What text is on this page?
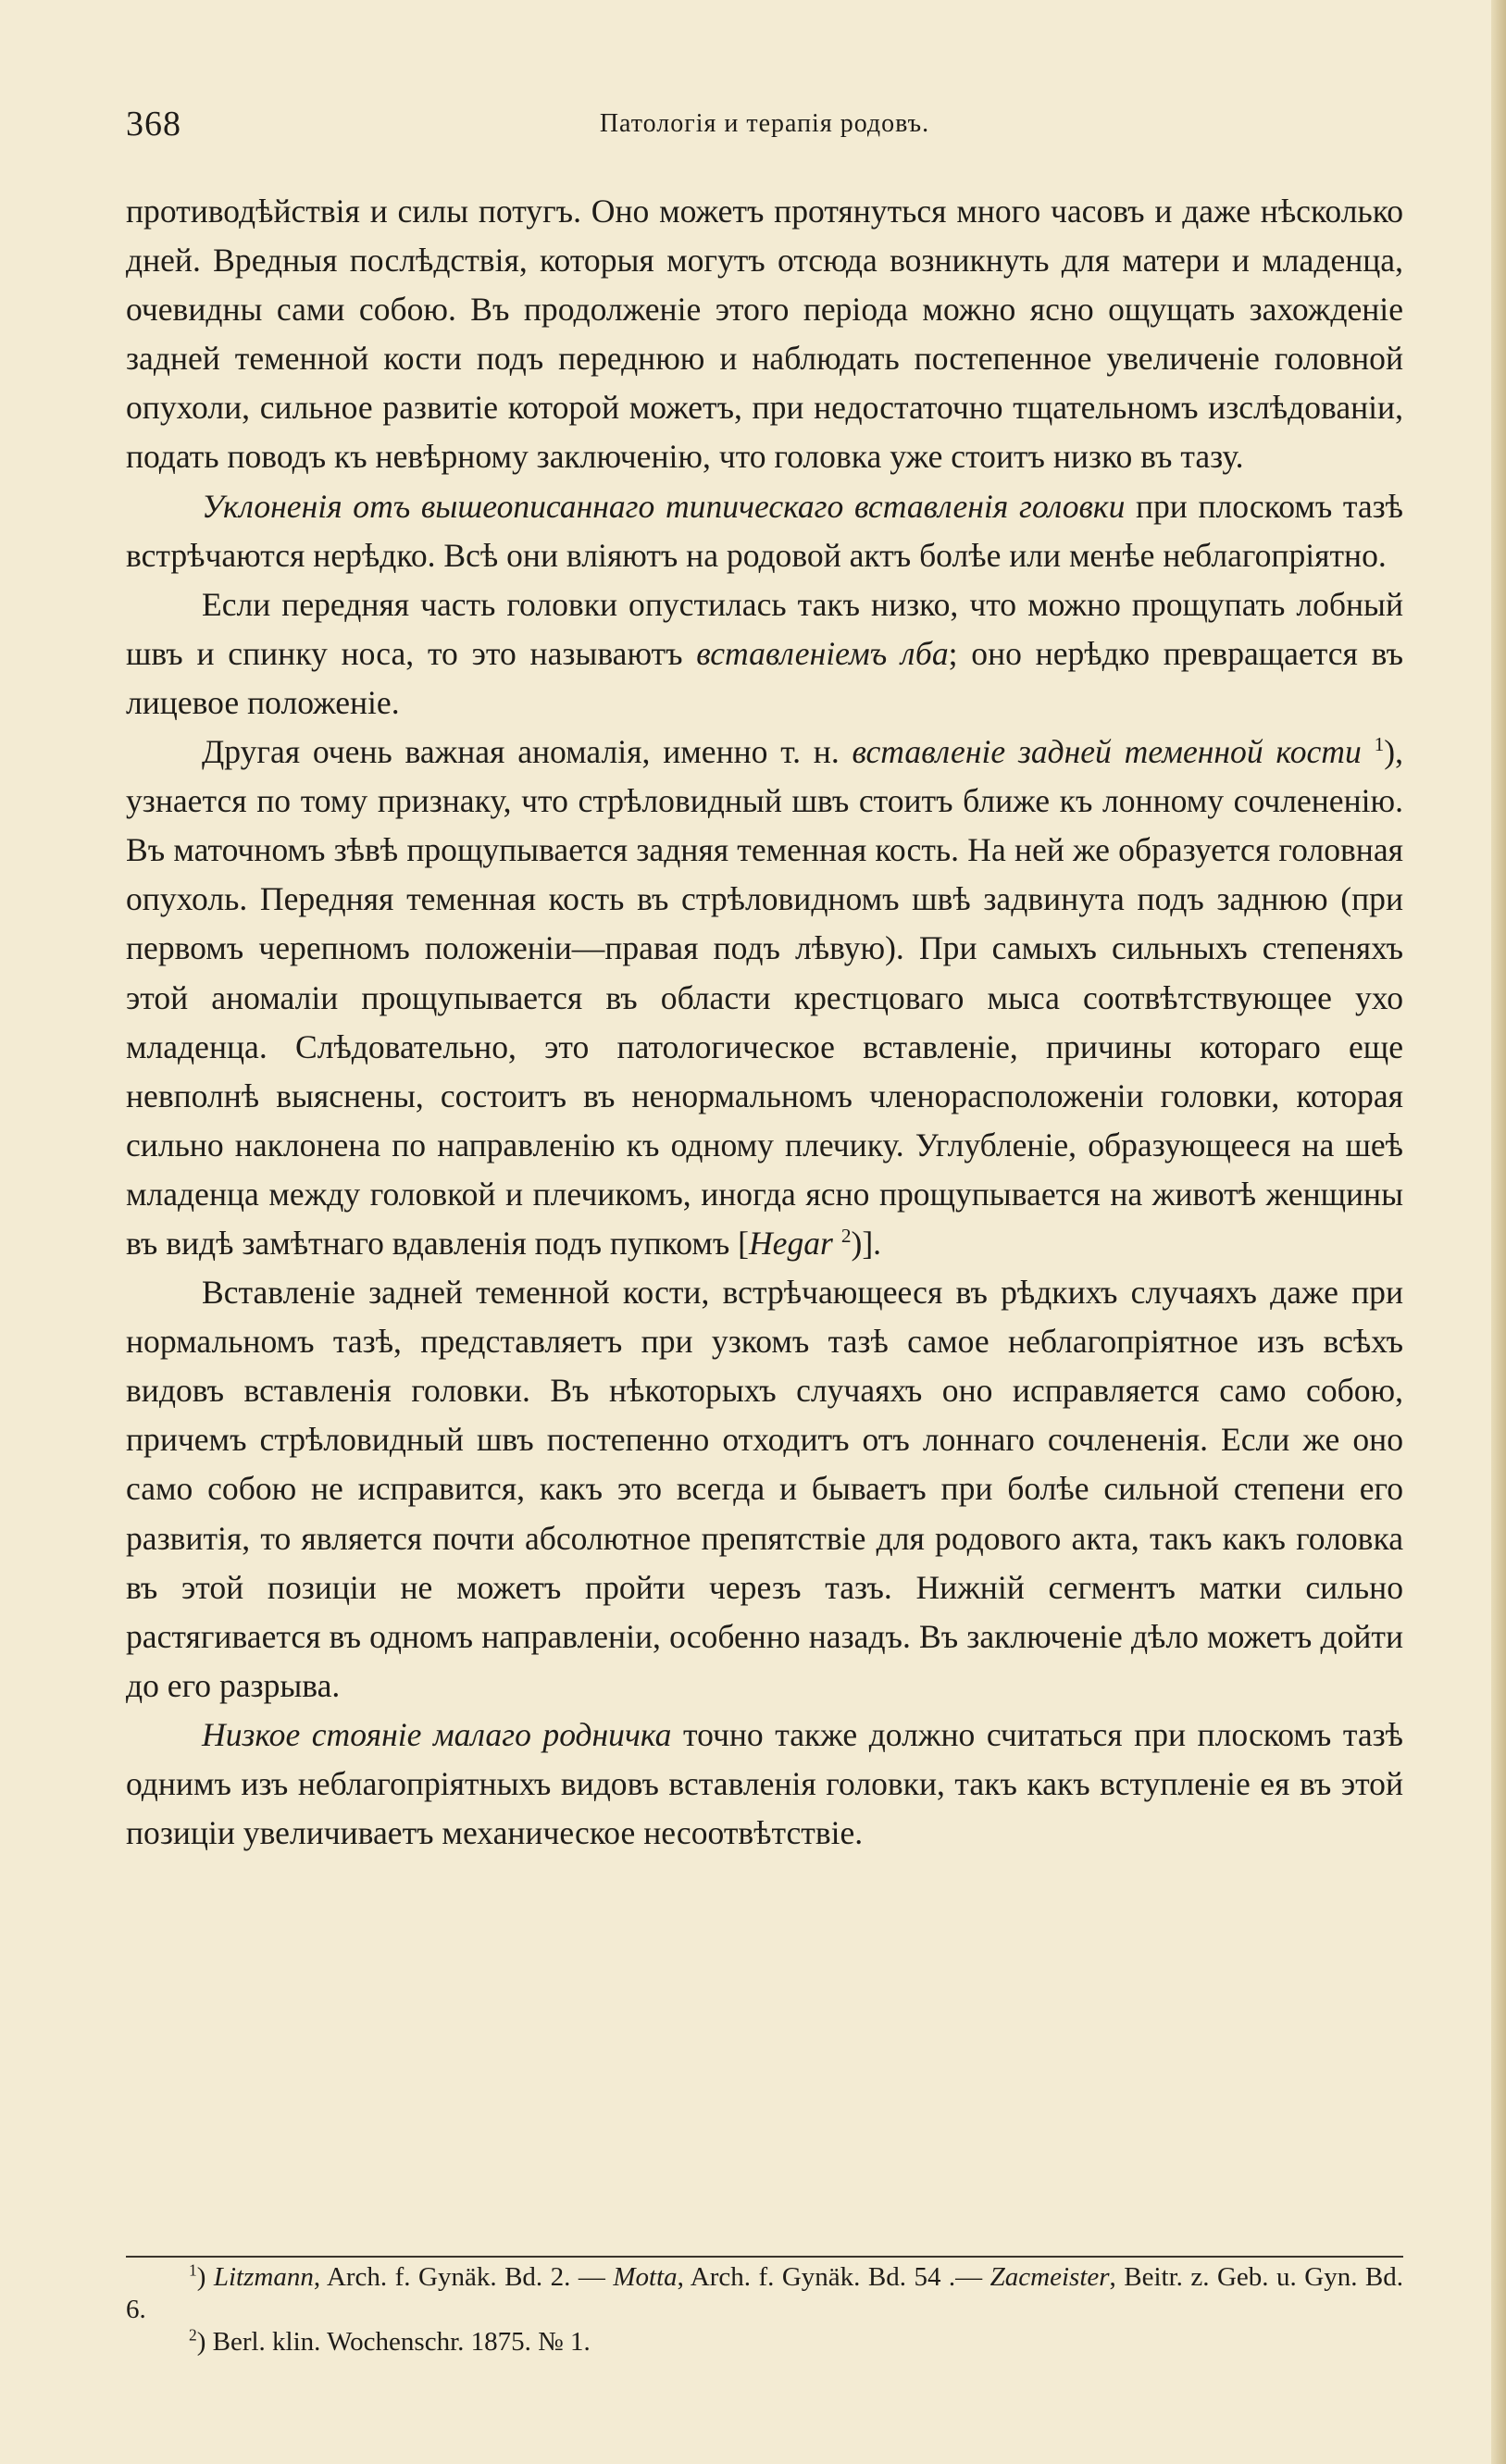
368	Патологія и терапія родовъ.

противодѣйствія и силы потугъ. Оно можетъ протянуться много часовъ и даже нѣсколько дней. Вредныя послѣдствія, которыя могутъ отсюда возникнуть для матери и младенца, очевидны сами собою. Въ продолженіе этого періода можно ясно ощущать захожденіе задней теменной кости подъ переднюю и наблюдать постепенное увеличеніе головной опухоли, сильное развитіе которой можетъ, при недостаточно тщательномъ изслѣдованіи, подать поводъ къ невѣрному заключенію, что головка уже стоитъ низко въ тазу.

Уклоненія отъ вышеописаннаго типическаго вставленія головки при плоскомъ тазѣ встрѣчаются нерѣдко. Всѣ они вліяютъ на родовой актъ болѣе или менѣе неблагопріятно.

Если передняя часть головки опустилась такъ низко, что можно прощупать лобный швъ и спинку носа, то это называютъ вставленіемъ лба; оно нерѣдко превращается въ лицевое положеніе.

Другая очень важная аномалія, именно т. н. вставленіе задней теменной кости $^1$), узнается по тому признаку, что стрѣловидный швъ стоитъ ближе къ лонному сочлененію. Въ маточномъ зѣвѣ прощупывается задняя теменная кость. На ней же образуется головная опухоль. Передняя теменная кость въ стрѣловидномъ швѣ задвинута подъ заднюю (при первомъ черепномъ положеніи—правая подъ лѣвую). При самыхъ сильныхъ степеняхъ этой аномаліи прощупывается въ области крестцоваго мыса соотвѣтствующее ухо младенца. Слѣдовательно, это патологическое вставленіе, причины котораго еще невполнѣ выяснены, состоитъ въ ненормальномъ членорасположеніи головки, которая сильно наклонена по направленію къ одному плечику. Углубленіе, образующееся на шеѣ младенца между головкой и плечикомъ, иногда ясно прощупывается на животѣ женщины въ видѣ замѣтнаго вдавленія подъ пупкомъ [Hegar $^2$)].

Вставленіе задней теменной кости, встрѣчающееся въ рѣдкихъ случаяхъ даже при нормальномъ тазѣ, представляетъ при узкомъ тазѣ самое неблагопріятное изъ всѣхъ видовъ вставленія головки. Въ нѣкоторыхъ случаяхъ оно исправляется само собою, причемъ стрѣловидный швъ постепенно отходитъ отъ лоннаго сочлененія. Если же оно само собою не исправится, какъ это всегда и бываетъ при болѣе сильной степени его развитія, то является почти абсолютное препятствіе для родового акта, такъ какъ головка въ этой позиціи не можетъ пройти черезъ тазъ. Нижній сегментъ матки сильно растягивается въ одномъ направленіи, особенно назадъ. Въ заключеніе дѣло можетъ дойти до его разрыва.

Низкое стояніе малаго родничка точно также должно считаться при плоскомъ тазѣ однимъ изъ неблагопріятныхъ видовъ вставленія головки, такъ какъ вступленіе ея въ этой позиціи увеличиваетъ механическое несоотвѣтствіе.

$^1$) Litzmann, Arch. f. Gynäk. Bd. 2. — Motta, Arch. f. Gynäk. Bd. 54 .— Zacmeister, Beitr. z. Geb. u. Gyn. Bd. 6.

$^2$) Berl. klin. Wochenschr. 1875. № 1.
